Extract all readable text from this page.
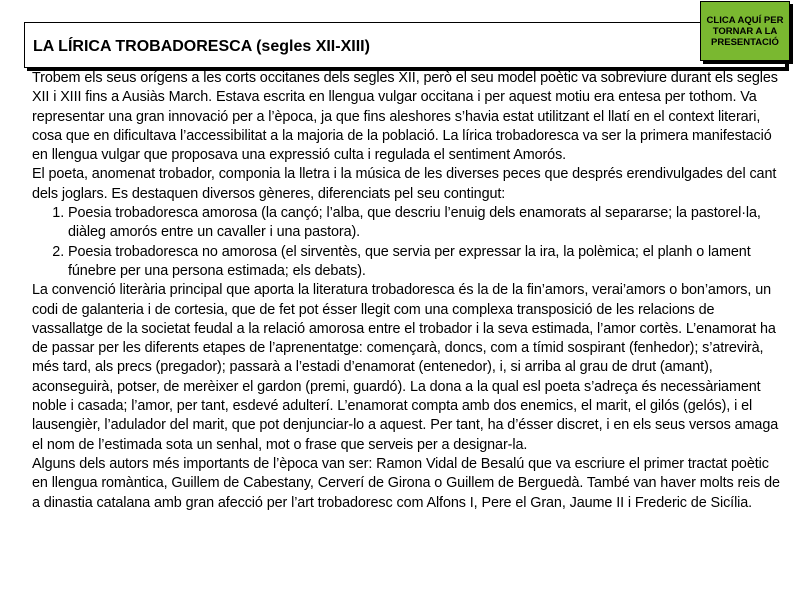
LA LÍRICA TROBADORESCA (segles XII-XIII)
CLICA AQUÍ PER TORNAR A LA PRESENTACIÓ

Trobem els seus orígens a les corts occitanes dels segles XII, però el seu model poètic va sobreviure durant els segles XII i XIII fins a Ausiàs March. Estava escrita en llengua vulgar occitana i per aquest motiu era entesa per tothom. Va representar una gran innovació per a l’època, ja que fins aleshores s’havia estat utilitzant el llatí en el context literari, cosa que en dificultava l’accessibilitat a la majoria de la població. La lírica trobadoresca va ser la primera manifestació en llengua vulgar que proposava una expressió culta i regulada el sentiment Amorós.

El poeta, anomenat trobador, componia la lletra i la música de les diverses peces que després erendivulgades del cant dels joglars. Es destaquen diversos gèneres, diferenciats pel seu contingut:

1. Poesia trobadoresca amorosa (la cançó; l’alba, que descriu l’enuig dels enamorats al separarse; la pastorel·la, diàleg amorós entre un cavaller i una pastora).
2. Poesia trobadoresca no amorosa (el sirventès, que servia per expressar la ira, la polèmica; el planh o lament fúnebre per una persona estimada; els debats).

La convenció literària principal que aporta la literatura trobadoresca és la de la fin’amors, verai’amors o bon’amors, un codi de galanteria i de cortesia, que de fet pot ésser llegit com una complexa transposició de les relacions de vassallatge de la societat feudal a la relació amorosa entre el trobador i la seva estimada, l’amor cortès. L’enamorat ha de passar per les diferents etapes de l’aprenentatge: començarà, doncs, com a tímid sospirant (fenhedor); s’atrevirà, més tard, als precs (pregador); passarà a l’estadi d’enamorat (entenedor), i, si arriba al grau de drut (amant), aconseguirà, potser, de merèixer el gardon (premi, guardó). La dona a la qual esl poeta s’adreça és necessàriament noble i casada; l’amor, per tant, esdevé adulterí. L’enamorat compta amb dos enemics, el marit, el gilós (gelós), i el lausengièr, l’adulador del marit, que pot denjunciar-lo a aquest. Per tant, ha d’ésser discret, i en els seus versos amaga el nom de l’estimada sota un senhal, mot o frase que serveis per a designar-la.

Alguns dels autors més importants de l’època van ser: Ramon Vidal de Besalú que va escriure el primer tractat poètic en llengua romàntica, Guillem de Cabestany, Cerverí de Girona o Guillem de Berguedà. També van haver molts reis de a dinastia catalana amb gran afecció per l’art trobadoresc com Alfons I, Pere el Gran, Jaume II i Frederic de Sicília.
